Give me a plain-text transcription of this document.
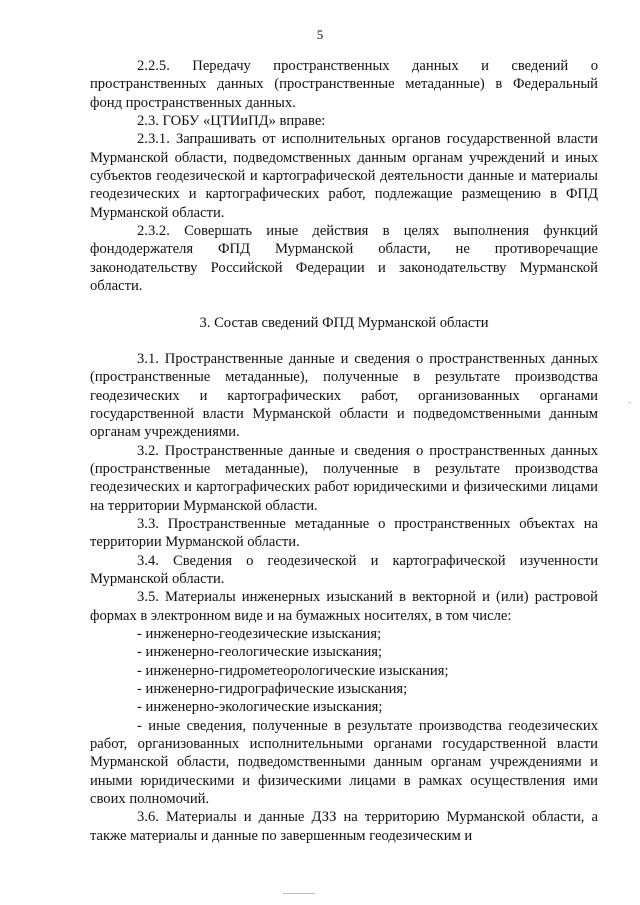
5

2.2.5. Передачу пространственных данных и сведений о пространственных данных (пространственные метаданные) в Федеральный фонд пространственных данных.

2.3. ГОБУ «ЦТИиПД» вправе:

2.3.1. Запрашивать от исполнительных органов государственной власти Мурманской области, подведомственных данным органам учреждений и иных субъектов геодезической и картографической деятельности данные и материалы геодезических и картографических работ, подлежащие размещению в ФПД Мурманской области.

2.3.2. Совершать иные действия в целях выполнения функций фондодержателя ФПД Мурманской области, не противоречащие законодательству Российской Федерации и законодательству Мурманской области.

3. Состав сведений ФПД Мурманской области

3.1. Пространственные данные и сведения о пространственных данных (пространственные метаданные), полученные в результате производства геодезических и картографических работ, организованных органами государственной власти Мурманской области и подведомственными данным органам учреждениями.

3.2. Пространственные данные и сведения о пространственных данных (пространственные метаданные), полученные в результате производства геодезических и картографических работ юридическими и физическими лицами на территории Мурманской области.

3.3. Пространственные метаданные о пространственных объектах на территории Мурманской области.

3.4. Сведения о геодезической и картографической изученности Мурманской области.

3.5. Материалы инженерных изысканий в векторной и (или) растровой формах в электронном виде и на бумажных носителях, в том числе:

- инженерно-геодезические изыскания;

- инженерно-геологические изыскания;

- инженерно-гидрометеорологические изыскания;

- инженерно-гидрографические изыскания;

- инженерно-экологические изыскания;

- иные сведения, полученные в результате производства геодезических работ, организованных исполнительными органами государственной власти Мурманской области, подведомственными данным органам учреждениями и иными юридическими и физическими лицами в рамках осуществления ими своих полномочий.

3.6. Материалы и данные ДЗЗ на территорию Мурманской области, а также материалы и данные по завершенным геодезическим и

-
